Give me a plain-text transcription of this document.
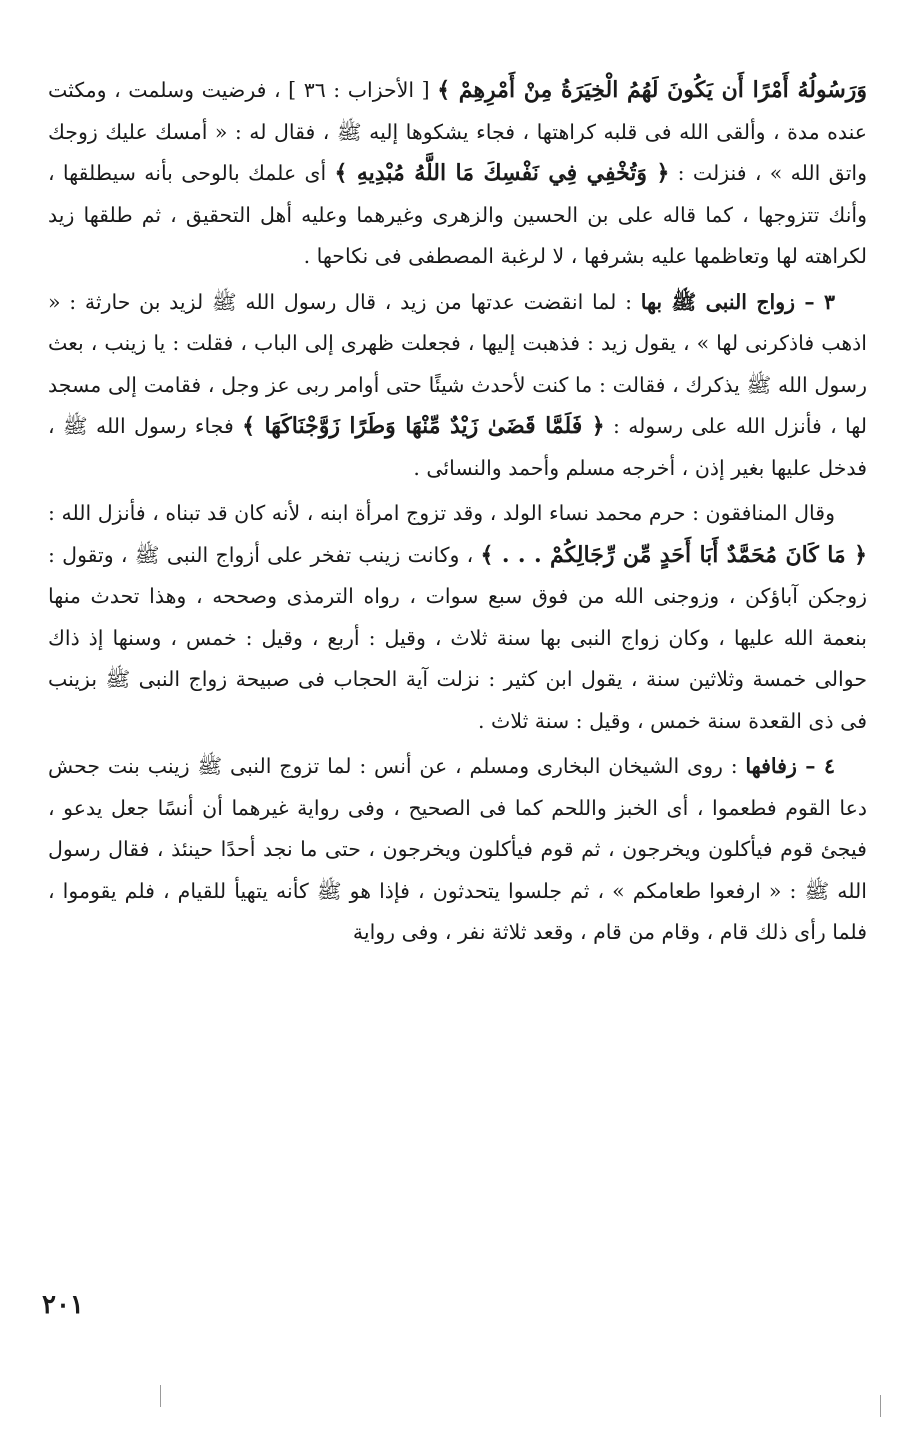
وَرَسُولُهُ أَمْرًا أَن يَكُونَ لَهُمُ الْخِيَرَةُ مِنْ أَمْرِهِمْ ﴾ [ الأحزاب : ٣٦ ] ، فرضيت وسلمت ، ومكثت عنده مدة ، وألقى الله فى قلبه كراهتها ، فجاء يشكوها إليه ﷺ ، فقال له : « أمسك عليك زوجك واتق الله » ، فنزلت : ﴿ وَتُخْفِي فِي نَفْسِكَ مَا اللَّهُ مُبْدِيهِ ﴾ أى علمك بالوحى بأنه سيطلقها ، وأنك تتزوجها ، كما قاله على بن الحسين والزهرى وغيرهما وعليه أهل التحقيق ، ثم طلقها زيد لكراهته لها وتعاظمها عليه بشرفها ، لا لرغبة المصطفى فى نكاحها .

٣ – زواج النبى ﷺ بها : لما انقضت عدتها من زيد ، قال رسول الله ﷺ لزيد بن حارثة : « اذهب فاذكرنى لها » ، يقول زيد : فذهبت إليها ، فجعلت ظهرى إلى الباب ، فقلت : يا زينب ، بعث رسول الله ﷺ يذكرك ، فقالت : ما كنت لأحدث شيئًا حتى أوامر ربى عز وجل ، فقامت إلى مسجد لها ، فأنزل الله على رسوله : ﴿ فَلَمَّا قَضَىٰ زَيْدٌ مِّنْهَا وَطَرًا زَوَّجْنَاكَهَا ﴾ فجاء رسول الله ﷺ ، فدخل عليها بغير إذن ، أخرجه مسلم وأحمد والنسائى .

وقال المنافقون : حرم محمد نساء الولد ، وقد تزوج امرأة ابنه ، لأنه كان قد تبناه ، فأنزل الله : ﴿ مَا كَانَ مُحَمَّدٌ أَبَا أَحَدٍ مِّن رِّجَالِكُمْ . . . ﴾ ، وكانت زينب تفخر على أزواج النبى ﷺ ، وتقول : زوجكن آباؤكن ، وزوجنى الله من فوق سبع سوات ، رواه الترمذى وصححه ، وهذا تحدث منها بنعمة الله عليها ، وكان زواج النبى بها سنة ثلاث ، وقيل : أربع ، وقيل : خمس ، وسنها إذ ذاك حوالى خمسة وثلاثين سنة ، يقول ابن كثير : نزلت آية الحجاب فى صبيحة زواج النبى ﷺ بزينب فى ذى القعدة سنة خمس ، وقيل : سنة ثلاث .

٤ – زفافها : روى الشيخان البخارى ومسلم ، عن أنس : لما تزوج النبى ﷺ زينب بنت جحش دعا القوم فطعموا ، أى الخبز واللحم كما فى الصحيح ، وفى رواية غيرهما أن أنسًا جعل يدعو ، فيجئ قوم فيأكلون ويخرجون ، ثم قوم فيأكلون ويخرجون ، حتى ما نجد أحدًا حينئذ ، فقال رسول الله ﷺ : « ارفعوا طعامكم » ، ثم جلسوا يتحدثون ، فإذا هو ﷺ كأنه يتهيأ للقيام ، فلم يقوموا ، فلما رأى ذلك قام ، وقام من قام ، وقعد ثلاثة نفر ، وفى رواية

٢٠١
